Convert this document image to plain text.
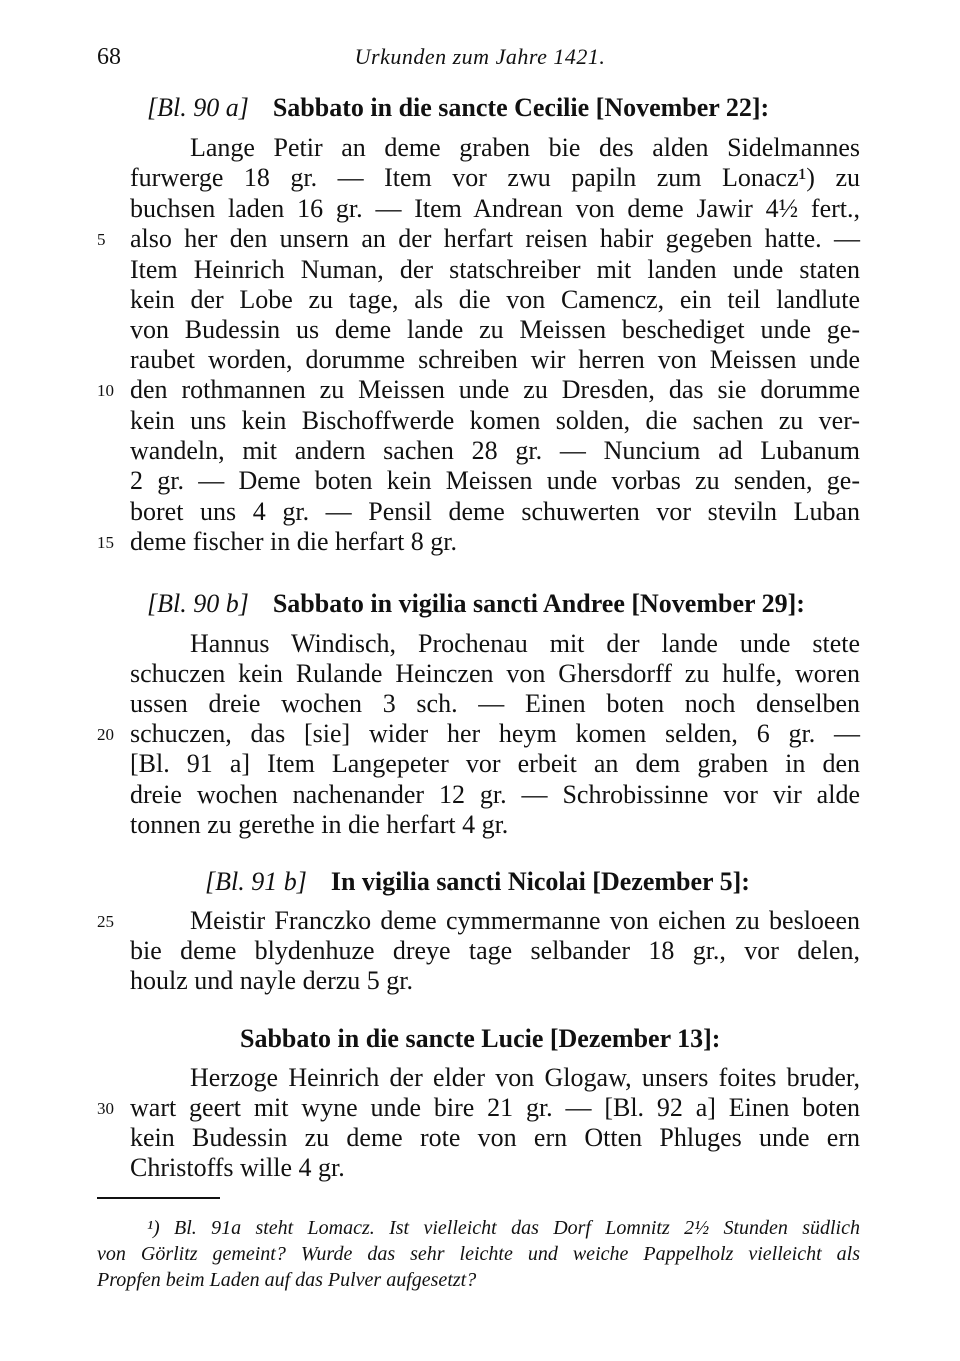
68	Urkunden zum Jahre 1421.
[Bl. 90 a] Sabbato in die sancte Cecilie [November 22]:
Lange Petir an deme graben bie des alden Sidelmannes
furwerge 18 gr. — Item vor zwu papiln zum Lonacz¹) zu
buchsen laden 16 gr. — Item Andrean von deme Jawir 4½ fert.,
also her den unsern an der herfart reisen habir gegeben hatte. —
Item Heinrich Numan, der statschreiber mit landen unde staten
kein der Lobe zu tage, als die von Camencz, ein teil landlute
von Budessin us deme lande zu Meissen beschediget unde ge-
raubet worden, dorumme schreiben wir herren von Meissen unde
den rothmannen zu Meissen unde zu Dresden, das sie dorumme
kein uns kein Bischoffwerde komen solden, die sachen zu ver-
wandeln, mit andern sachen 28 gr. — Nuncium ad Lubanum
2 gr. — Deme boten kein Meissen unde vorbas zu senden, ge-
boret uns 4 gr. — Pensil deme schuwerten vor steviln Luban
deme fischer in die herfart 8 gr.
[Bl. 90 b] Sabbato in vigilia sancti Andree [November 29]:
Hannus Windisch, Prochenau mit der lande unde stete
schuczen kein Rulande Heinczen von Ghersdorff zu hulfe, woren
ussen dreie wochen 3 sch. — Einen boten noch denselben
schuczen, das [sie] wider her heym komen selden, 6 gr. —
[Bl. 91 a] Item Langepeter vor erbeit an dem graben in den
dreie wochen nachenander 12 gr. — Schrobissinne vor vir alde
tonnen zu gerethe in die herfart 4 gr.
[Bl. 91 b] In vigilia sancti Nicolai [Dezember 5]:
Meistir Franczko deme cymmermanne von eichen zu besloeen
bie deme blydenhuze dreye tage selbander 18 gr., vor delen,
houlz und nayle derzu 5 gr.
Sabbato in die sancte Lucie [Dezember 13]:
Herzoge Heinrich der elder von Glogaw, unsers foites bruder,
wart geert mit wyne unde bire 21 gr. — [Bl. 92 a] Einen boten
kein Budessin zu deme rote von ern Otten Phluges unde ern
Christoffs wille 4 gr.
5
10
15
20
25
30
¹) Bl. 91a steht Lomacz. Ist vielleicht das Dorf Lomnitz 2½ Stunden südlich
von Görlitz gemeint? Wurde das sehr leichte und weiche Pappelholz vielleicht als
Propfen beim Laden auf das Pulver aufgesetzt?
